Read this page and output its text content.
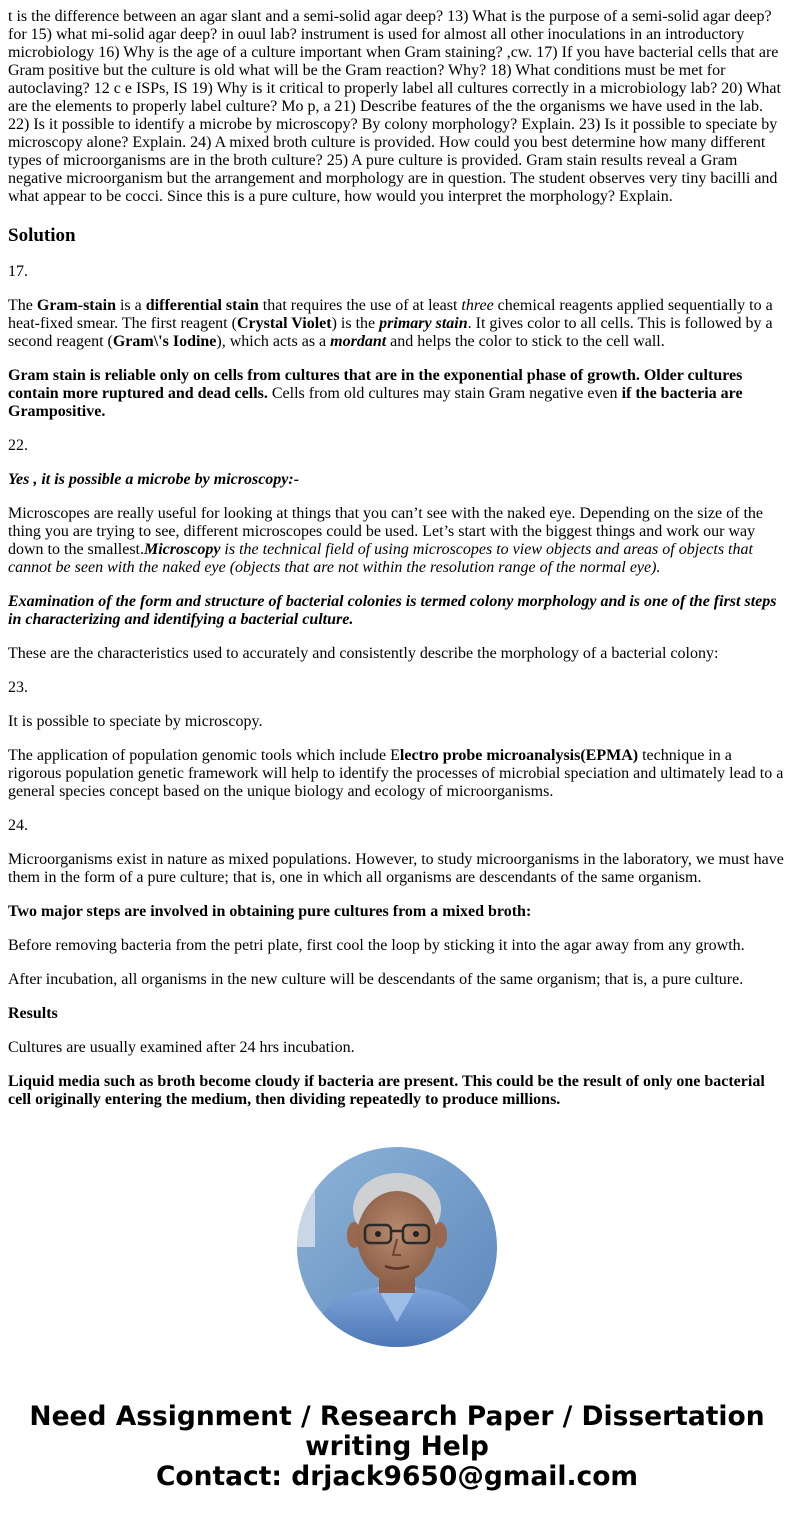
t is the difference between an agar slant and a semi-solid agar deep? 13) What is the purpose of a semi-solid agar deep? for 15) what mi-solid agar deep? in ouul lab? instrument is used for almost all other inoculations in an introductory microbiology 16) Why is the age of a culture important when Gram staining? ,cw. 17) If you have bacterial cells that are Gram positive but the culture is old what will be the Gram reaction? Why? 18) What conditions must be met for autoclaving? 12 c e ISPs, IS 19) Why is it critical to properly label all cultures correctly in a microbiology lab? 20) What are the elements to properly label culture? Mo p, a 21) Describe features of the the organisms we have used in the lab. 22) Is it possible to identify a microbe by microscopy? By colony morphology? Explain. 23) Is it possible to speciate by microscopy alone? Explain. 24) A mixed broth culture is provided. How could you best determine how many different types of microorganisms are in the broth culture? 25) A pure culture is provided. Gram stain results reveal a Gram negative microorganism but the arrangement and morphology are in question. The student observes very tiny bacilli and what appear to be cocci. Since this is a pure culture, how would you interpret the morphology? Explain.

Solution

17.

The Gram-stain is a differential stain that requires the use of at least three chemical reagents applied sequentially to a heat-fixed smear. The first reagent (Crystal Violet) is the primary stain. It gives color to all cells. This is followed by a second reagent (Gram\'s Iodine), which acts as a mordant and helps the color to stick to the cell wall.

Gram stain is reliable only on cells from cultures that are in the exponential phase of growth. Older cultures contain more ruptured and dead cells. Cells from old cultures may stain Gram negative even if the bacteria are Grampositive.

22.

Yes , it is possible a microbe by microscopy:-

Microscopes are really useful for looking at things that you can’t see with the naked eye. Depending on the size of the thing you are trying to see, different microscopes could be used. Let’s start with the biggest things and work our way down to the smallest.Microscopy is the technical field of using microscopes to view objects and areas of objects that cannot be seen with the naked eye (objects that are not within the resolution range of the normal eye).

Examination of the form and structure of bacterial colonies is termed colony morphology and is one of the first steps in characterizing and identifying a bacterial culture.

These are the characteristics used to accurately and consistently describe the morphology of a bacterial colony:

23.

It is possible to speciate by microscopy.

The application of population genomic tools which include Electro probe microanalysis(EPMA) technique in a rigorous population genetic framework will help to identify the processes of microbial speciation and ultimately lead to a general species concept based on the unique biology and ecology of microorganisms.

24.

Microorganisms exist in nature as mixed populations. However, to study microorganisms in the laboratory, we must have them in the form of a pure culture; that is, one in which all organisms are descendants of the same organism.

Two major steps are involved in obtaining pure cultures from a mixed broth:

Before removing bacteria from the petri plate, first cool the loop by sticking it into the agar away from any growth.

After incubation, all organisms in the new culture will be descendants of the same organism; that is, a pure culture.

Results

Cultures are usually examined after 24 hrs incubation.

Liquid media such as broth become cloudy if bacteria are present. This could be the result of only one bacterial cell originally entering the medium, then dividing repeatedly to produce millions.

Need Assignment / Research Paper / Dissertation writing Help
Contact: drjack9650@gmail.com
